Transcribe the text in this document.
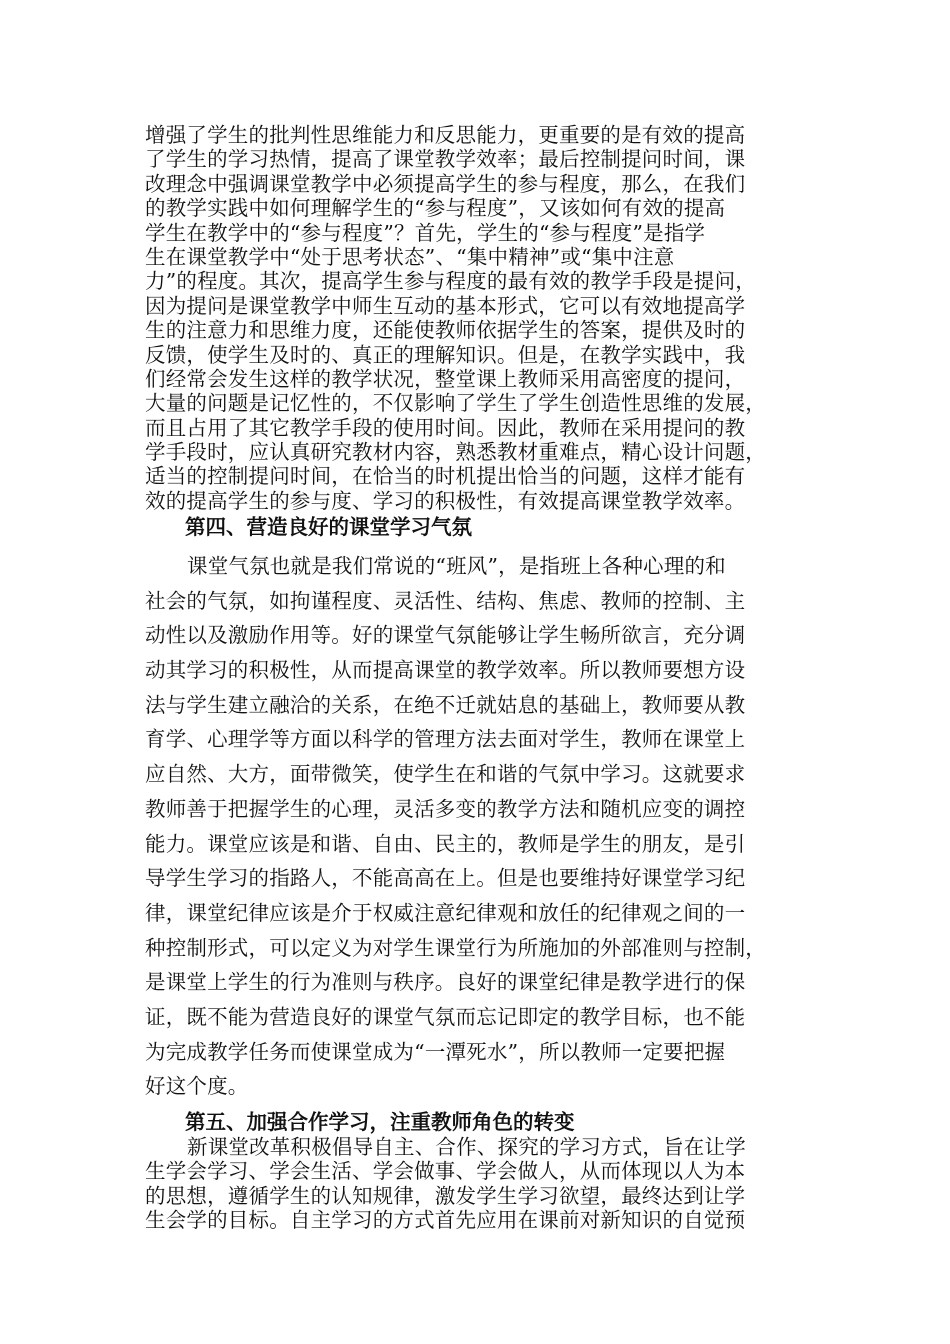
增强了学生的批判性思维能力和反思能力，更重要的是有效的提高
了学生的学习热情，提高了课堂教学效率；最后控制提问时间，课
改理念中强调课堂教学中必须提高学生的参与程度，那么，在我们
的教学实践中如何理解学生的“参与程度”，又该如何有效的提高
学生在教学中的“参与程度”？首先，学生的“参与程度”是指学
生在课堂教学中“处于思考状态”、“集中精神”或“集中注意
力”的程度。其次，提高学生参与程度的最有效的教学手段是提问，
因为提问是课堂教学中师生互动的基本形式，它可以有效地提高学
生的注意力和思维力度，还能使教师依据学生的答案，提供及时的
反馈，使学生及时的、真正的理解知识。但是，在教学实践中，我
们经常会发生这样的教学状况，整堂课上教师采用高密度的提问，
大量的问题是记忆性的，不仅影响了学生了学生创造性思维的发展，
而且占用了其它教学手段的使用时间。因此，教师在采用提问的教
学手段时，应认真研究教材内容，熟悉教材重难点，精心设计问题，
适当的控制提问时间，在恰当的时机提出恰当的问题，这样才能有
效的提高学生的参与度、学习的积极性，有效提高课堂教学效率。
第四、营造良好的课堂学习气氛
课堂气氛也就是我们常说的“班风”，是指班上各种心理的和
社会的气氛，如拘谨程度、灵活性、结构、焦虑、教师的控制、主
动性以及激励作用等。好的课堂气氛能够让学生畅所欲言，充分调
动其学习的积极性，从而提高课堂的教学效率。所以教师要想方设
法与学生建立融洽的关系，在绝不迁就姑息的基础上，教师要从教
育学、心理学等方面以科学的管理方法去面对学生，教师在课堂上
应自然、大方，面带微笑，使学生在和谐的气氛中学习。这就要求
教师善于把握学生的心理，灵活多变的教学方法和随机应变的调控
能力。课堂应该是和谐、自由、民主的，教师是学生的朋友，是引
导学生学习的指路人，不能高高在上。但是也要维持好课堂学习纪
律，课堂纪律应该是介于权威注意纪律观和放任的纪律观之间的一
种控制形式，可以定义为对学生课堂行为所施加的外部准则与控制，
是课堂上学生的行为准则与秩序。良好的课堂纪律是教学进行的保
证，既不能为营造良好的课堂气氛而忘记即定的教学目标，也不能
为完成教学任务而使课堂成为“一潭死水”，所以教师一定要把握
好这个度。
第五、加强合作学习，注重教师角色的转变
新课堂改革积极倡导自主、合作、探究的学习方式，旨在让学
生学会学习、学会生活、学会做事、学会做人，从而体现以人为本
的思想，遵循学生的认知规律，激发学生学习欲望，最终达到让学
生会学的目标。自主学习的方式首先应用在课前对新知识的自觉预
